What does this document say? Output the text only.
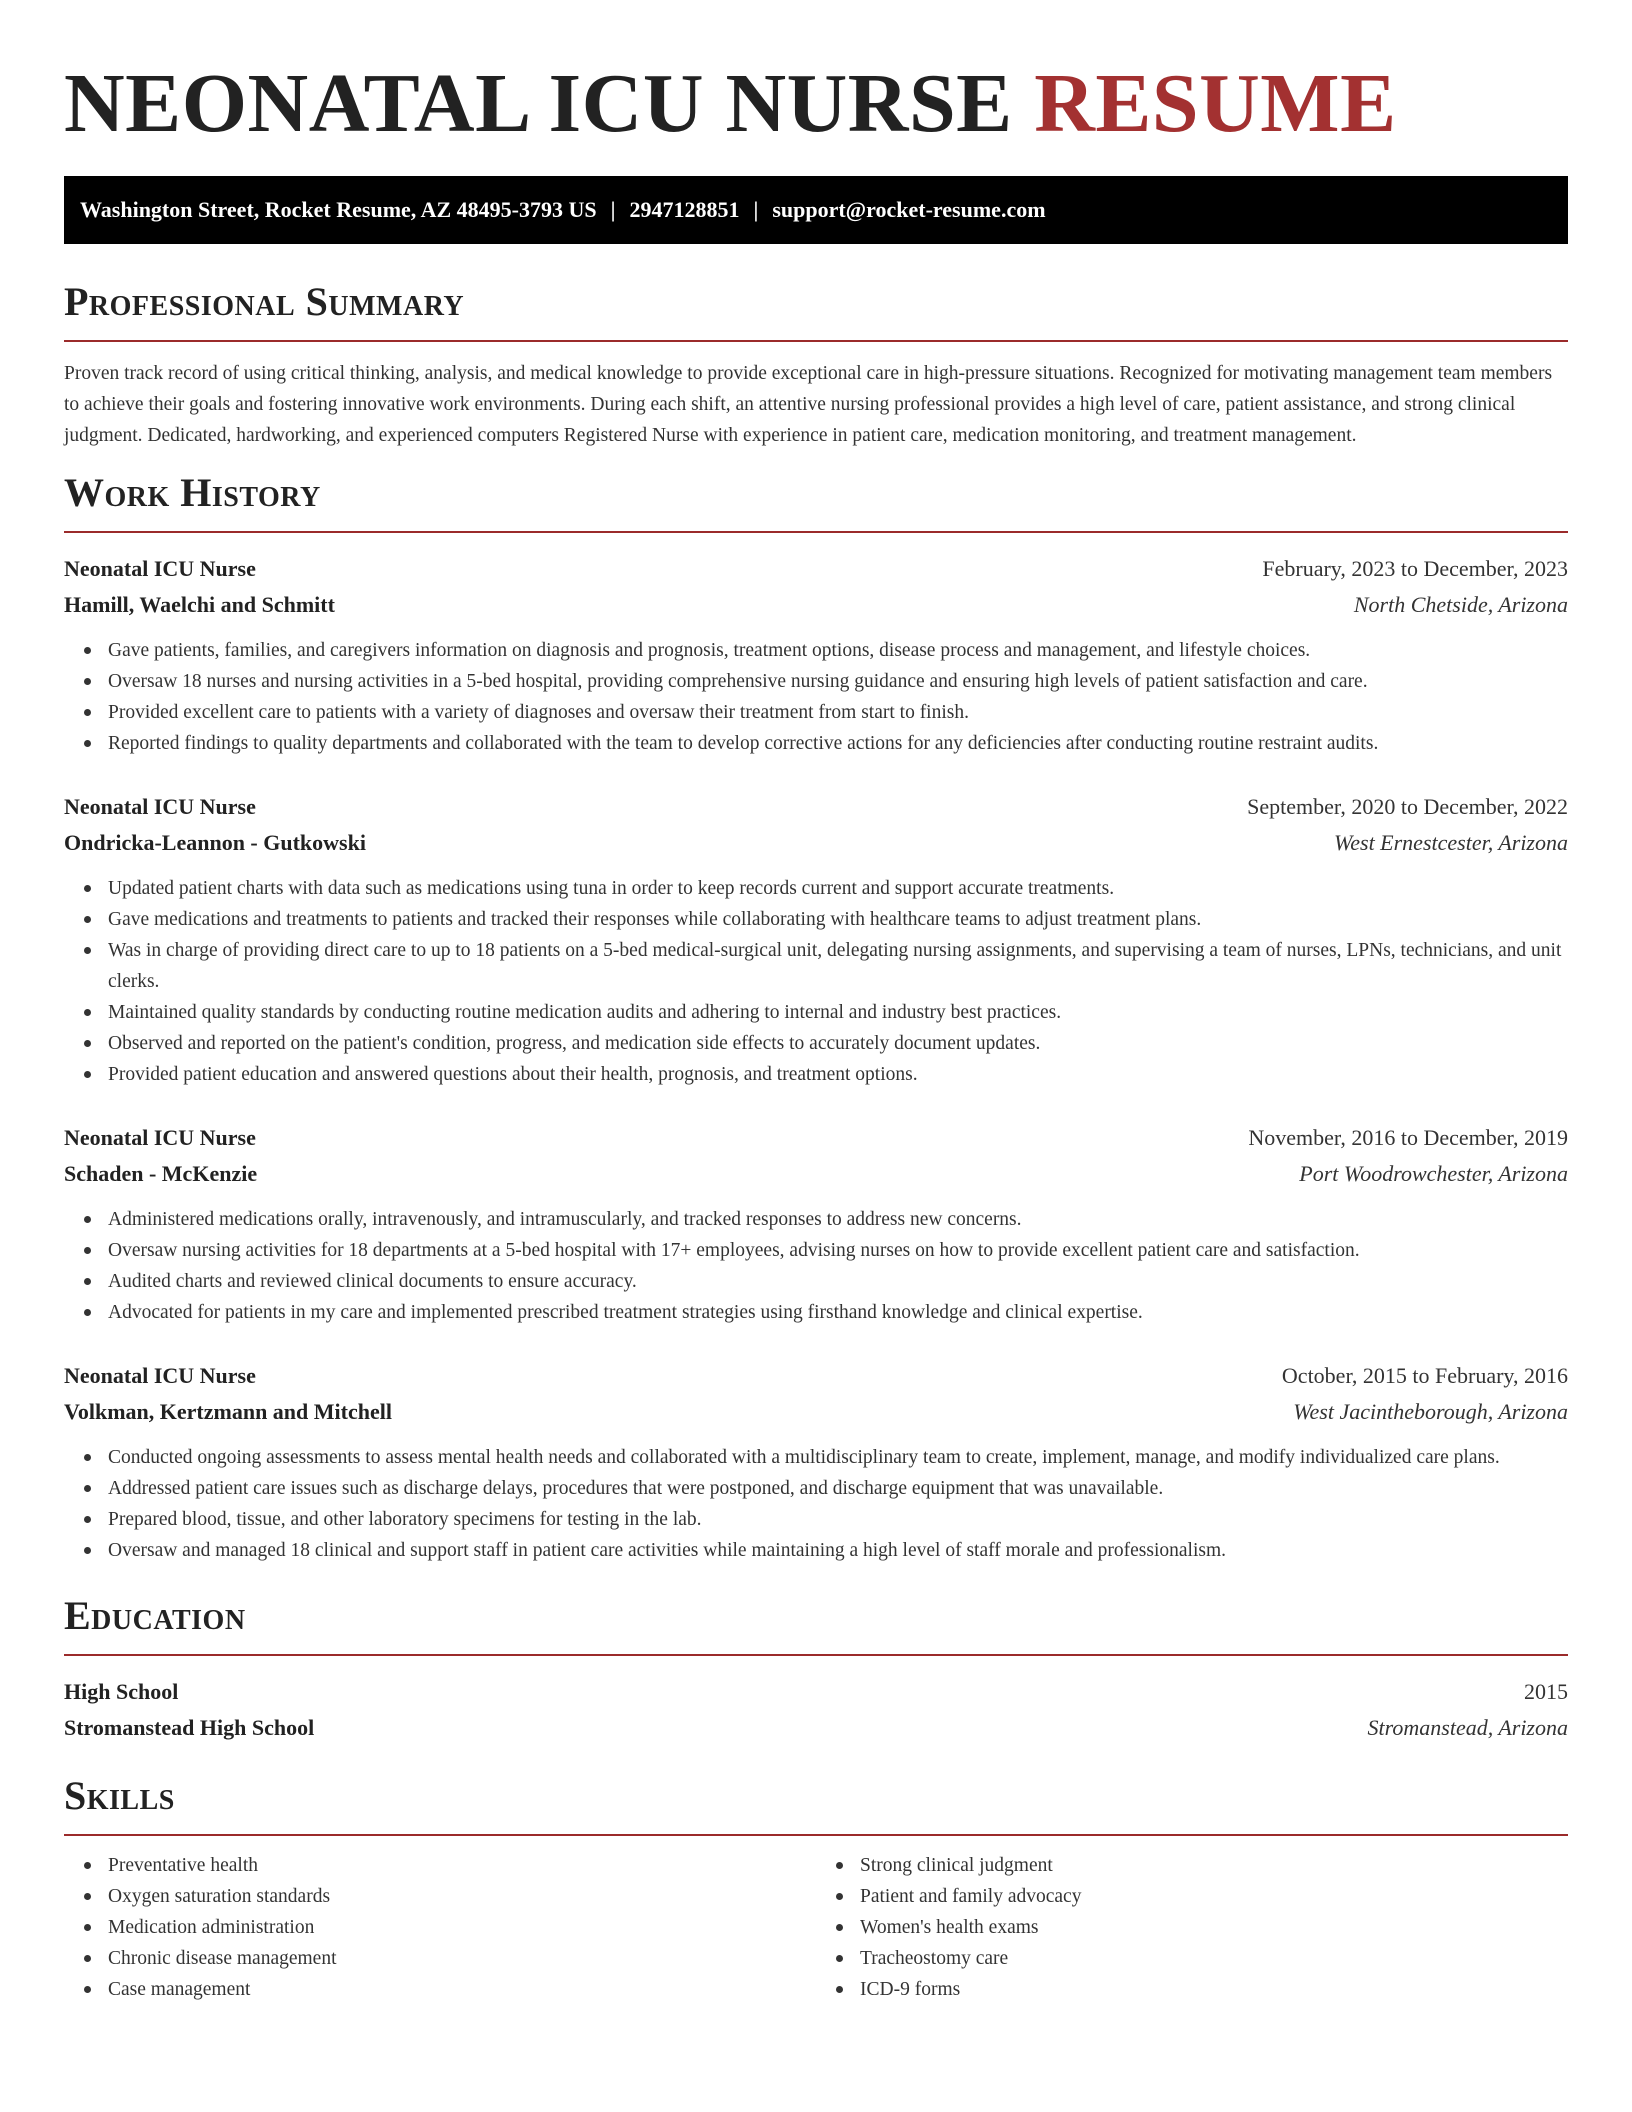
NEONATAL ICU NURSE RESUME
Washington Street, Rocket Resume, AZ 48495-3793 US | 2947128851 | support@rocket-resume.com
Professional Summary

Proven track record of using critical thinking, analysis, and medical knowledge to provide exceptional care in high-pressure situations. Recognized for motivating management team members to achieve their goals and fostering innovative work environments. During each shift, an attentive nursing professional provides a high level of care, patient assistance, and strong clinical judgment. Dedicated, hardworking, and experienced computers Registered Nurse with experience in patient care, medication monitoring, and treatment management.

Work History
Neonatal ICU Nurse	February, 2023 to December, 2023
Hamill, Waelchi and Schmitt	North Chetside, Arizona
Gave patients, families, and caregivers information on diagnosis and prognosis, treatment options, disease process and management, and lifestyle choices.
Oversaw 18 nurses and nursing activities in a 5-bed hospital, providing comprehensive nursing guidance and ensuring high levels of patient satisfaction and care.
Provided excellent care to patients with a variety of diagnoses and oversaw their treatment from start to finish.
Reported findings to quality departments and collaborated with the team to develop corrective actions for any deficiencies after conducting routine restraint audits.
Neonatal ICU Nurse	September, 2020 to December, 2022
Ondricka-Leannon - Gutkowski	West Ernestcester, Arizona
Updated patient charts with data such as medications using tuna in order to keep records current and support accurate treatments.
Gave medications and treatments to patients and tracked their responses while collaborating with healthcare teams to adjust treatment plans.
Was in charge of providing direct care to up to 18 patients on a 5-bed medical-surgical unit, delegating nursing assignments, and supervising a team of nurses, LPNs, technicians, and unit clerks.
Maintained quality standards by conducting routine medication audits and adhering to internal and industry best practices.
Observed and reported on the patient's condition, progress, and medication side effects to accurately document updates.
Provided patient education and answered questions about their health, prognosis, and treatment options.
Neonatal ICU Nurse	November, 2016 to December, 2019
Schaden - McKenzie	Port Woodrowchester, Arizona
Administered medications orally, intravenously, and intramuscularly, and tracked responses to address new concerns.
Oversaw nursing activities for 18 departments at a 5-bed hospital with 17+ employees, advising nurses on how to provide excellent patient care and satisfaction.
Audited charts and reviewed clinical documents to ensure accuracy.
Advocated for patients in my care and implemented prescribed treatment strategies using firsthand knowledge and clinical expertise.
Neonatal ICU Nurse	October, 2015 to February, 2016
Volkman, Kertzmann and Mitchell	West Jacintheborough, Arizona
Conducted ongoing assessments to assess mental health needs and collaborated with a multidisciplinary team to create, implement, manage, and modify individualized care plans.
Addressed patient care issues such as discharge delays, procedures that were postponed, and discharge equipment that was unavailable.
Prepared blood, tissue, and other laboratory specimens for testing in the lab.
Oversaw and managed 18 clinical and support staff in patient care activities while maintaining a high level of staff morale and professionalism.
Education
High School	2015
Stromanstead High School	Stromanstead, Arizona
Skills
Preventative health
Oxygen saturation standards
Medication administration
Chronic disease management
Case management
Strong clinical judgment
Patient and family advocacy
Women's health exams
Tracheostomy care
ICD-9 forms
